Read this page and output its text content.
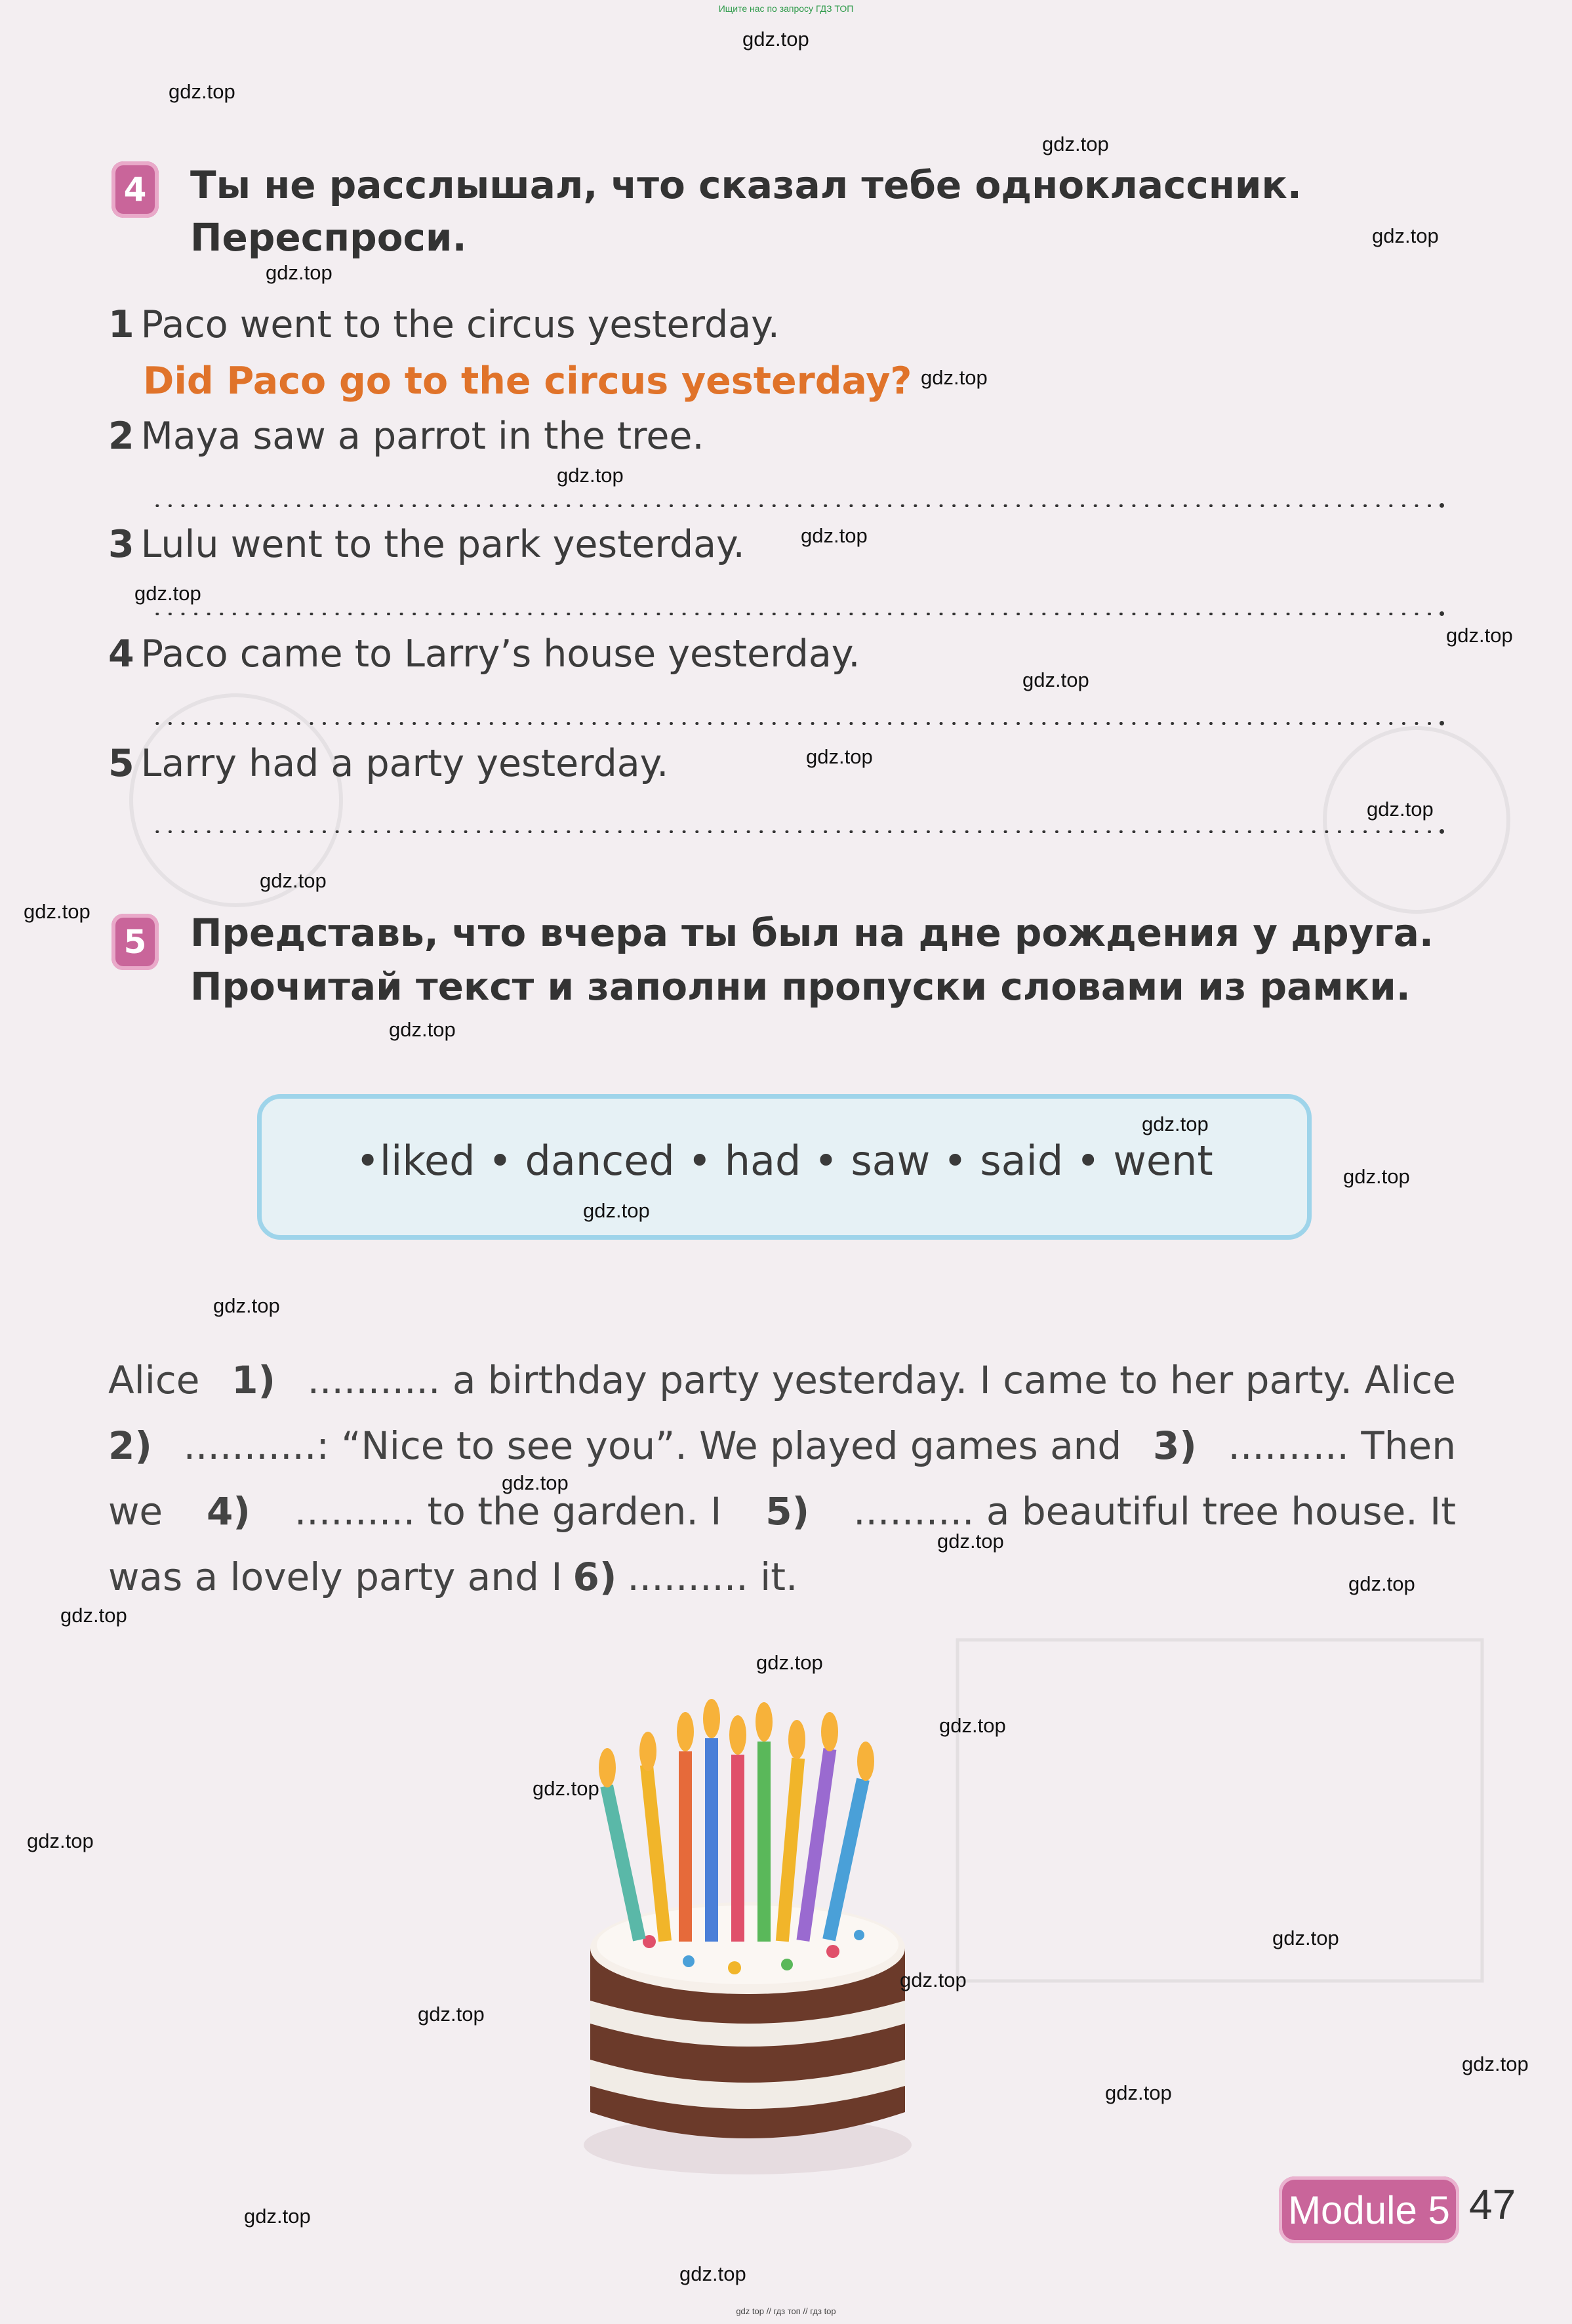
Ищите нас по запросу ГДЗ ТОП
4	Ты не расслышал, что сказал тебе одноклассник.
Переспроси.
1 Paco went to the circus yesterday.
Did Paco go to the circus yesterday?
2 Maya saw a parrot in the tree.
3 Lulu went to the park yesterday.
4 Paco came to Larry’s house yesterday.
5 Larry had a party yesterday.
5	Представь, что вчера ты был на дне рождения у друга.
Прочитай текст и заполни пропуски словами из рамки.
•liked • danced • had • saw • said • went
Alice 1) ........... a birthday party yesterday. I came to her party. Alice
2) ...........: “Nice to see you”. We played games and 3) .......... Then
we 4) .......... to the garden. I 5) .......... a beautiful tree house. It
was a lovely party and I 6) .......... it.
Module 5 47
gdz.top
gdz.top
gdz.top
gdz.top
gdz.top
gdz.top
gdz.top
gdz.top
gdz.top
gdz.top
gdz.top
gdz.top
gdz.top
gdz.top
gdz.top
gdz.top
gdz.top
gdz.top
gdz.top
gdz.top
gdz.top
gdz.top
gdz.top
gdz.top
gdz.top
gdz.top
gdz.top
gdz.top
gdz.top
gdz.top
gdz.top
gdz.top
gdz.top
gdz.top
gdz.top
gdz top // гдз топ // гдз top
